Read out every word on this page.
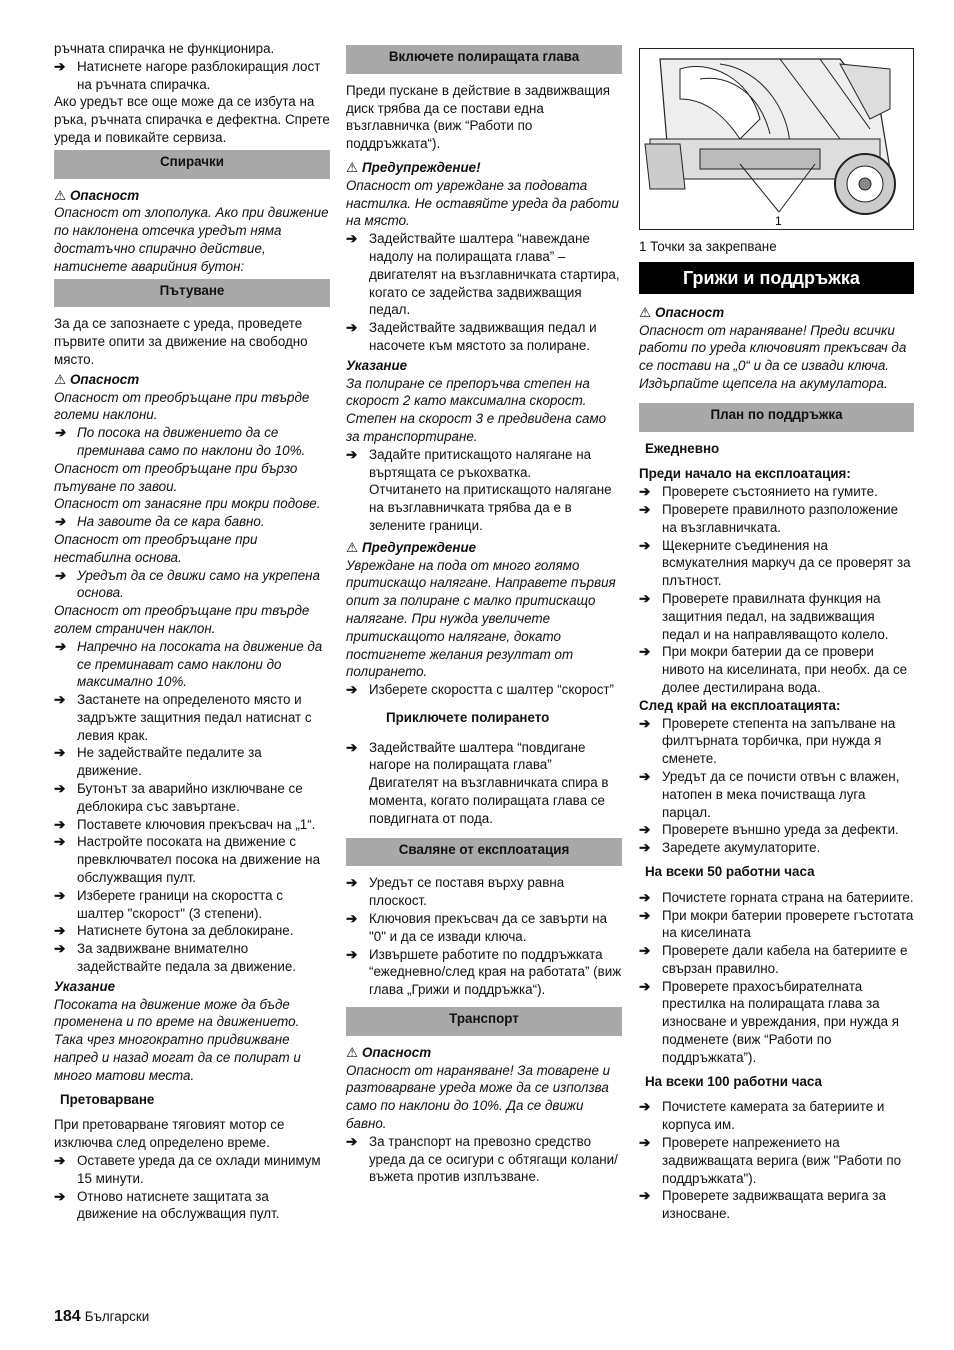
ръчната спирачка не функционира.

➔ Натиснете нагоре разблокиращия лост на ръчната спирачка.

Ако уредът все още може да се избута на ръка, ръчната спирачка е дефектна. Спрете уреда и повикайте сервиза.

Спирачки
⚠ Опасност

Опасност от злополука. Ако при движение по наклонена отсечка уредът няма достатъчно спирачно действие, натиснете аварийния бутон:

Пътуване

За да се запознаете с уреда, проведете първите опити за движение на свободно място.

⚠ Опасност

Опасност от преобръщане при твърде големи наклони.

➔ По посока на движението да се преминава само по наклони до 10%.

Опасност от преобръщане при бързо пътуване по завои.

Опасност от занасяне при мокри подове.

➔ На завоите да се кара бавно.

Опасност от преобръщане при нестабилна основа.

➔ Уредът да се движи само на укрепена основа.

Опасност от преобръщане при твърде голем страничен наклон.

➔ Напречно на посоката на движение да се преминават само наклони до максимално 10%.
➔ Застанете на определеното място и задръжте защитния педал натиснат с левия крак.
➔ Не задействайте педалите за движение.
➔ Бутонът за аварийно изключване се деблокира със завъртане.
➔ Поставете ключовия прекъсвач на „1“.
➔ Настройте посоката на движение с превключвател посока на движение на обслужващия пулт.
➔ Изберете граници на скоростта с шалтер "скорост" (3 степени).
➔ Натиснете бутона за деблокиране.
➔ За задвижване внимателно задействайте педала за движение.
Указание

Посоката на движение може да бъде променена и по време на движението. Така чрез многократно придвижване напред и назад могат да се полират и много матови места.

Претоварване

При претоварване тяговият мотор се изключва след определено време.

➔ Оставете уреда да се охлади минимум 15 минути.
➔ Отново натиснете защитата за движение на обслужващия пулт.
Включете полиращата глава

Преди пускане в действие в задвижващия диск трябва да се постави една възглавничка (виж “Работи по поддръжката“).

⚠ Предупреждение!

Опасност от увреждане за подовата настилка. Не оставяйте уреда да работи на място.

➔ Задействайте шалтера “навеждане надолу на полиращата глава” – двигателят на възглавничката стартира, когато се задейства задвижващия педал.
➔ Задействайте задвижващия педал и насочете към мястото за полиране.
Указание

За полиране се препоръчва степен на скорост 2 като максимална скорост. Степен на скорост 3 е предвидена само за транспортиране.

➔ Задайте притискащото налягане на въртящата се ръкохватка.

Отчитането на притискащото налягане на възглавничката трябва да е в зелените граници.

⚠ Предупреждение

Увреждане на пода от много голямо притискащо налягане. Направете първия опит за полиране с малко притискащо налягане. При нужда увеличете притискащото налягане, докато постигнете желания резултат от полирането.

➔ Изберете скоростта с шалтер “скорост”
Приключете полирането
➔ Задействайте шалтера “повдигане нагоре на полиращата глава”

Двигателят на възглавничката спира в момента, когато полиращата глава се повдигната от пода.

Сваляне от експлоатация
➔ Уредът се поставя върху равна плоскост.
➔ Ключовия прекъсвач да се завърти на "0" и да се извади ключа.
➔ Извършете работите по поддръжката “ежедневно/след края на работата” (виж глава „Грижи и поддръжка“).
Транспорт
⚠ Опасност

Опасност от нараняване! За товарене и разтоварване уреда може да се използва само по наклони до 10%. Да се движи бавно.

➔ За транспорт на превозно средство уреда да се осигури с обтягащи колани/ въжета против изплъзване.
1

1 Точки за закрепване

Грижи и поддръжка
⚠ Опасност

Опасност от нараняване! Преди всички работи по уреда ключовият прекъсвач да се постави на „0“ и да се извади ключа. Издърпайте щепсела на акумулатора.

План по поддръжка
Ежедневно
Преди начало на експлоатация:
➔ Проверете състоянието на гумите.
➔ Проверете правилното разположение на възглавничката.
➔ Щекерните съединения на всмукателния маркуч да се проверят за плътност.
➔ Проверете правилната функция на защитния педал, на задвижващия педал и на направляващото колело.
➔ При мокри батерии да се провери нивото на киселината, при необх. да се долее дестилирана вода.
След край на експлоатацията:
➔ Проверете степента на запълване на филтърната торбичка, при нужда я сменете.
➔ Уредът да се почисти отвън с влажен, натопен в мека почистваща луга парцал.
➔ Проверете външно уреда за дефекти.
➔ Заредете акумулаторите.
На всеки 50 работни часа
➔ Почистете горната страна на батериите.
➔ При мокри батерии проверете гъстотата на киселината
➔ Проверете дали кабела на батериите е свързан правилно.
➔ Проверете прахосъбирателната престилка на полиращата глава за износване и увреждания, при нужда я подменете (виж “Работи по поддръжката”).
На всеки 100 работни часа
➔ Почистете камерата за батериите и корпуса им.
➔ Проверете напрежението на задвижващата верига (виж "Работи по поддръжката").
➔ Проверете задвижващата верига за износване.
184 Български
